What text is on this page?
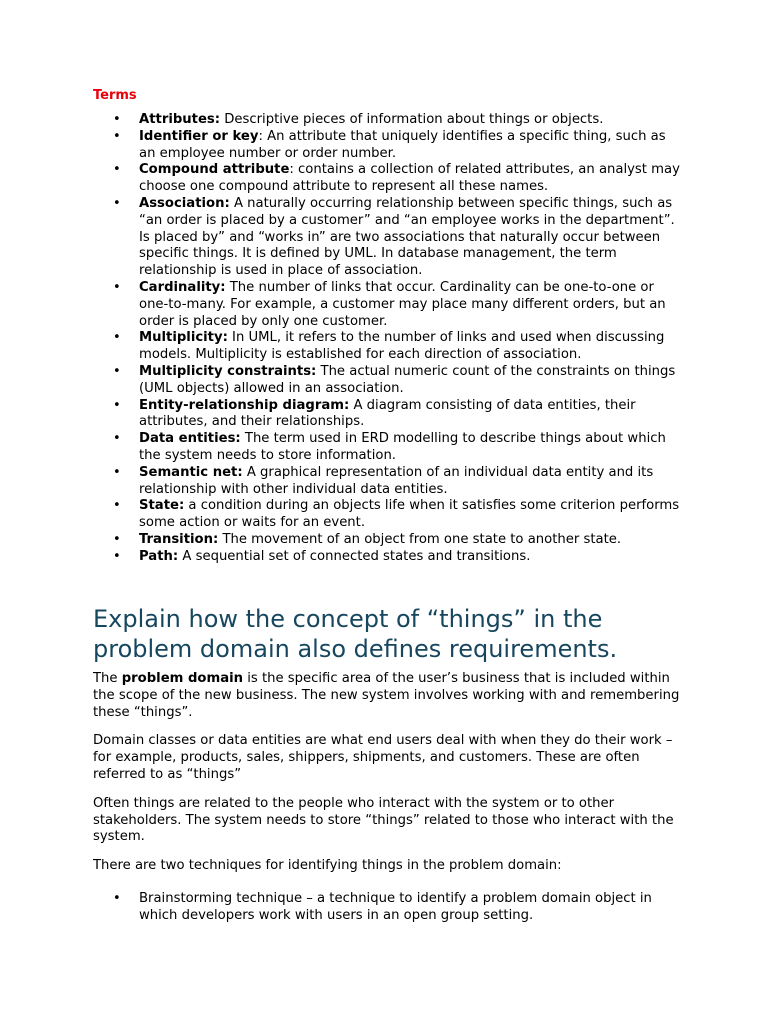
Terms
• Attributes: Descriptive pieces of information about things or objects.
• Identifier or key: An attribute that uniquely identifies a specific thing, such as an employee number or order number.
• Compound attribute: contains a collection of related attributes, an analyst may choose one compound attribute to represent all these names.
• Association: A naturally occurring relationship between specific things, such as “an order is placed by a customer” and “an employee works in the department”. Is placed by” and “works in” are two associations that naturally occur between specific things. It is defined by UML. In database management, the term relationship is used in place of association.
• Cardinality: The number of links that occur. Cardinality can be one-to-one or one-to-many. For example, a customer may place many different orders, but an order is placed by only one customer.
• Multiplicity: In UML, it refers to the number of links and used when discussing models. Multiplicity is established for each direction of association.
• Multiplicity constraints: The actual numeric count of the constraints on things (UML objects) allowed in an association.
• Entity-relationship diagram: A diagram consisting of data entities, their attributes, and their relationships.
• Data entities: The term used in ERD modelling to describe things about which the system needs to store information.
• Semantic net: A graphical representation of an individual data entity and its relationship with other individual data entities.
• State: a condition during an objects life when it satisfies some criterion performs some action or waits for an event.
• Transition: The movement of an object from one state to another state.
• Path: A sequential set of connected states and transitions.
Explain how the concept of “things” in the problem domain also defines requirements.

The problem domain is the specific area of the user’s business that is included within the scope of the new business. The new system involves working with and remembering these “things”.

Domain classes or data entities are what end users deal with when they do their work – for example, products, sales, shippers, shipments, and customers. These are often referred to as “things”

Often things are related to the people who interact with the system or to other stakeholders. The system needs to store “things” related to those who interact with the system.

There are two techniques for identifying things in the problem domain:

• Brainstorming technique – a technique to identify a problem domain object in which developers work with users in an open group setting.
